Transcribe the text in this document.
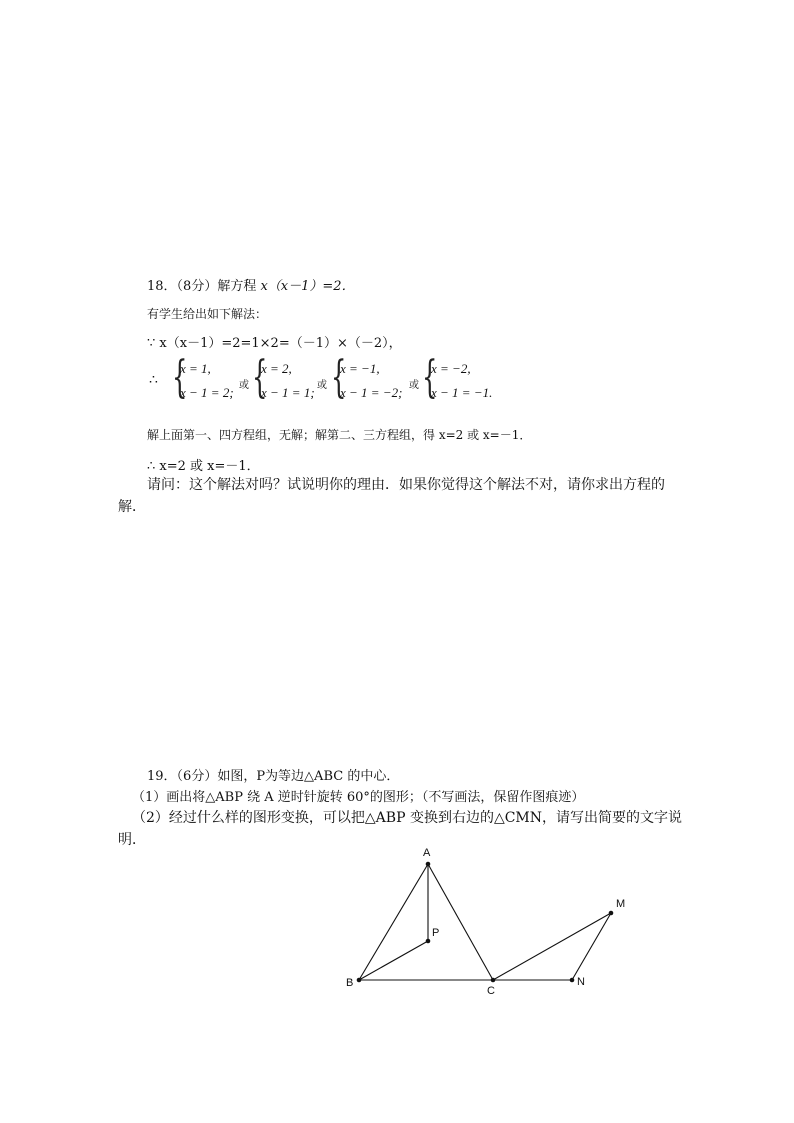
18．（8分）解方程 x（x－1）=2．
有学生给出如下解法：
∵ x（x－1）=2=1×2=（－1）×（－2），
∴ {
x = 1,
x − 1 = 2; 或 {
x = 2,
x − 1 = 1; 或 {
x = −1,
x − 1 = −2; 或 {
x = −2,
x − 1 = −1.
解上面第一、四方程组，无解；解第二、三方程组，得 x=2 或 x=－1．
∴ x=2 或 x=－1．
请问：这个解法对吗？试说明你的理由．如果你觉得这个解法不对，请你求出方程的
解．
19．（6分）如图，P为等边△ABC 的中心．
（1）画出将△ABP 绕 A 逆时针旋转 60°的图形；（不写画法，保留作图痕迹）
（2）经过什么样的图形变换，可以把△ABP 变换到右边的△CMN，请写出简要的文字说
明．
A
B
C
P
M
N
